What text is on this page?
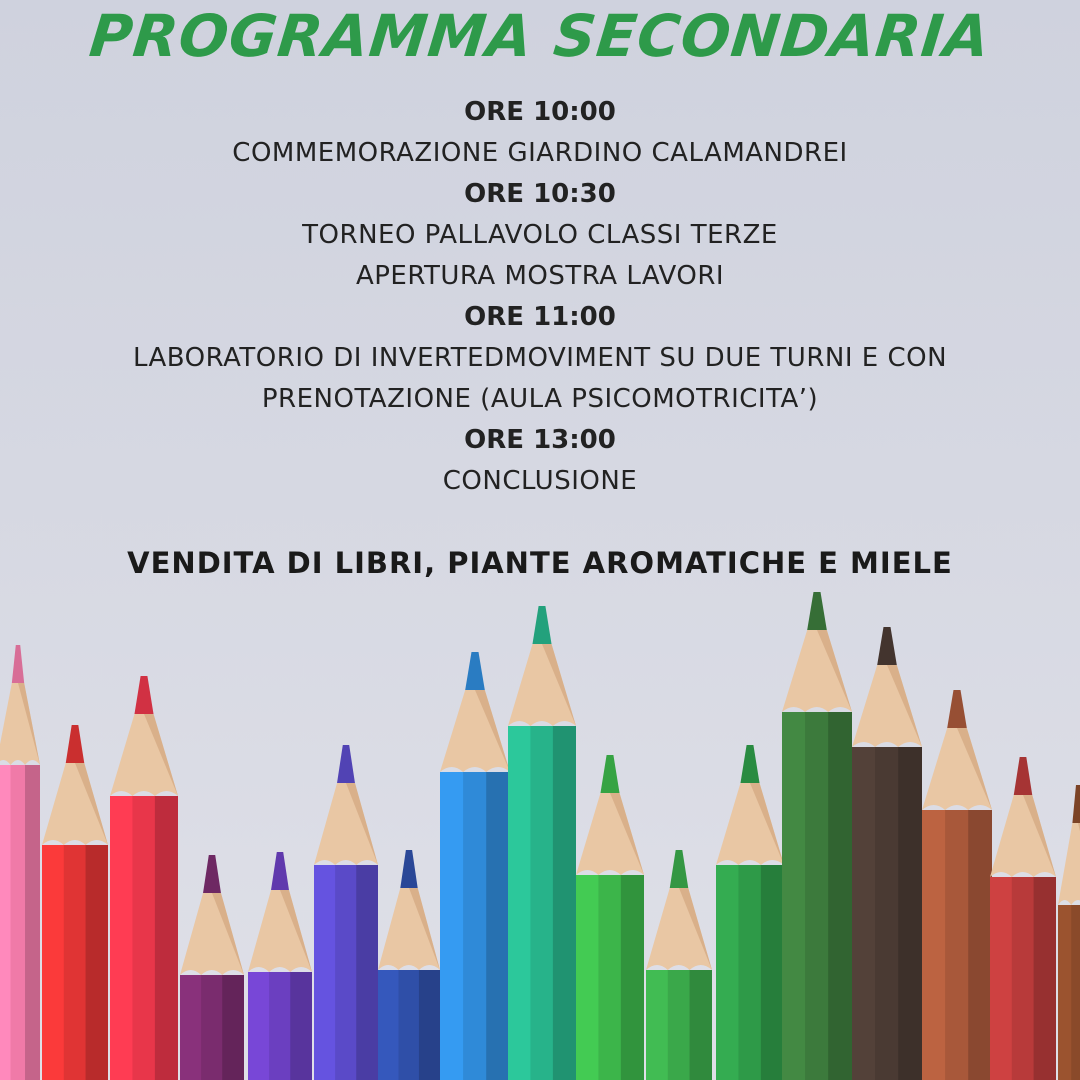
PROGRAMMA SECONDARIA
ORE 10:00
COMMEMORAZIONE GIARDINO CALAMANDREI
ORE 10:30
TORNEO PALLAVOLO CLASSI TERZE
APERTURA MOSTRA LAVORI
ORE 11:00
LABORATORIO DI INVERTEDMOVIMENT SU DUE TURNI E CON
PRENOTAZIONE (AULA PSICOMOTRICITA’)
ORE 13:00
CONCLUSIONE
VENDITA DI LIBRI, PIANTE AROMATICHE E MIELE
